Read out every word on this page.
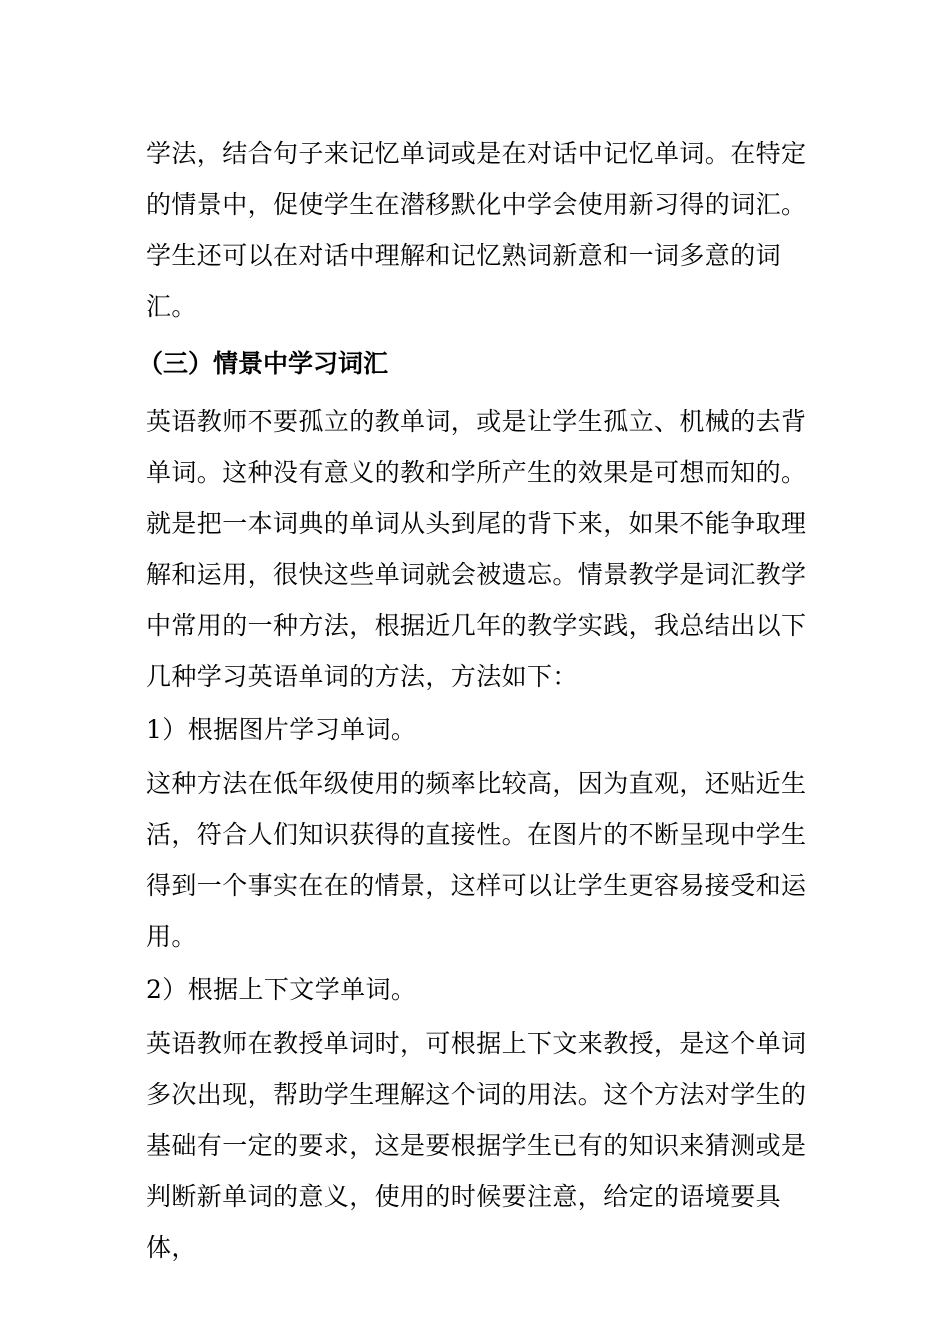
学法，结合句子来记忆单词或是在对话中记忆单词。在特定的情景中，促使学生在潜移默化中学会使用新习得的词汇。学生还可以在对话中理解和记忆熟词新意和一词多意的词汇。

（三）情景中学习词汇

英语教师不要孤立的教单词，或是让学生孤立、机械的去背单词。这种没有意义的教和学所产生的效果是可想而知的。就是把一本词典的单词从头到尾的背下来，如果不能争取理解和运用，很快这些单词就会被遗忘。情景教学是词汇教学中常用的一种方法，根据近几年的教学实践，我总结出以下几种学习英语单词的方法，方法如下：

1）根据图片学习单词。

这种方法在低年级使用的频率比较高，因为直观，还贴近生活，符合人们知识获得的直接性。在图片的不断呈现中学生得到一个事实在在的情景，这样可以让学生更容易接受和运用。

2）根据上下文学单词。

英语教师在教授单词时，可根据上下文来教授，是这个单词多次出现，帮助学生理解这个词的用法。这个方法对学生的基础有一定的要求，这是要根据学生已有的知识来猜测或是判断新单词的意义，使用的时候要注意，给定的语境要具体，
